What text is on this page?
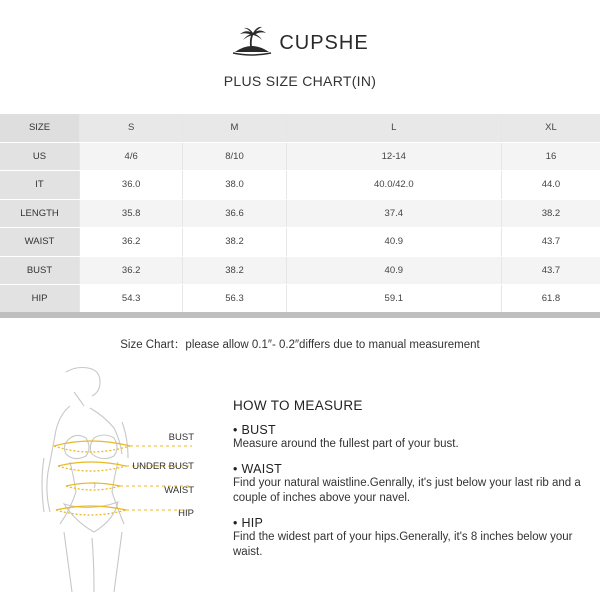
CUPSHE
PLUS SIZE CHART(IN)
SIZE	S	M	L	XL
US	4/6	8/10	12-14	16
IT	36.0	38.0	40.0/42.0	44.0
LENGTH	35.8	36.6	37.4	38.2
WAIST	36.2	38.2	40.9	43.7
BUST	36.2	38.2	40.9	43.7
HIP	54.3	56.3	59.1	61.8
Size Chart：please allow 0.1″- 0.2″differs due to manual measurement
BUST
UNDER BUST
WAIST
HIP
HOW TO MEASURE
• BUST
Measure around the fullest part of your bust.
• WAIST
Find your natural waistline.Genrally, it's just below your last rib and a couple of inches above your navel.
• HIP
Find the widest part of your hips.Generally, it's 8 inches below your waist.
